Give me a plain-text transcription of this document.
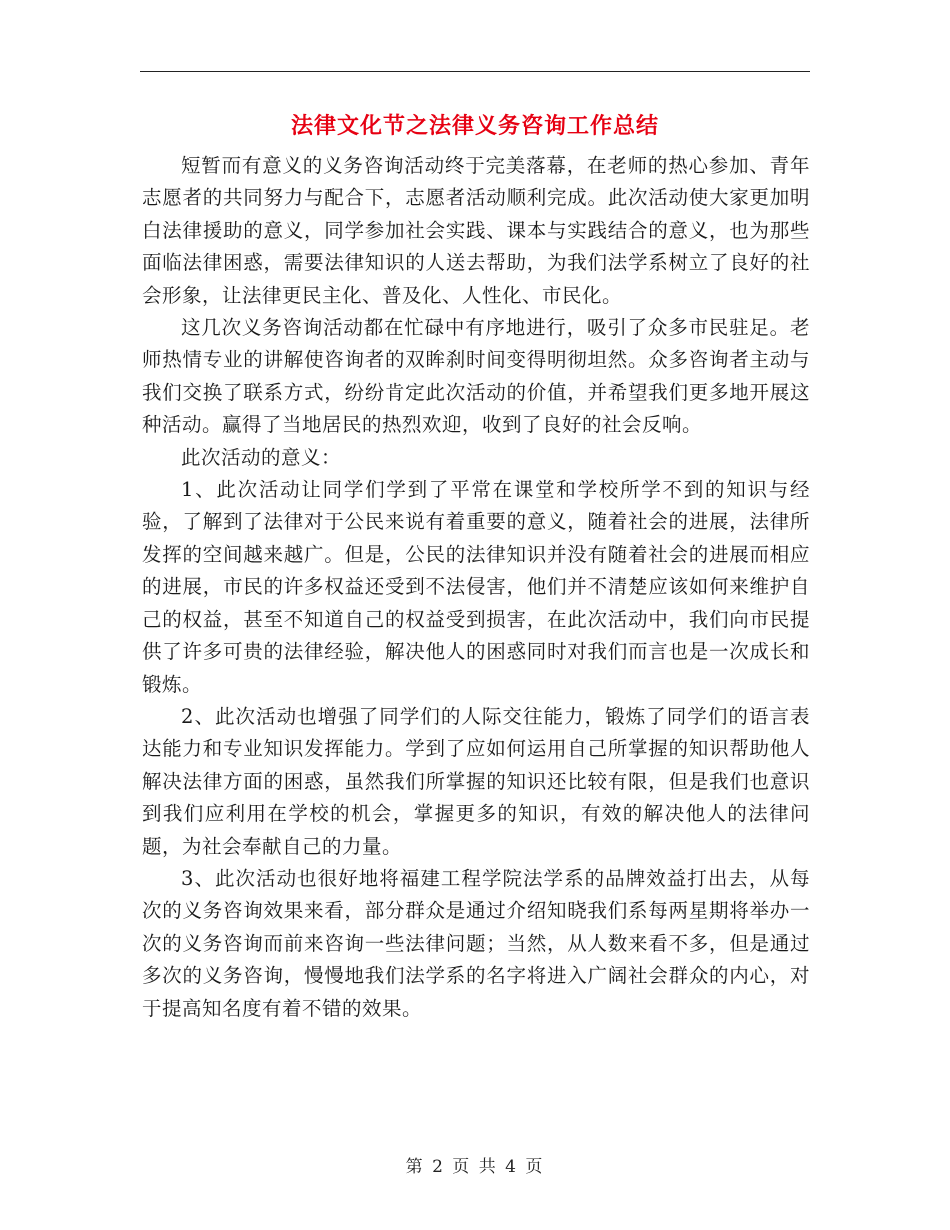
法律文化节之法律义务咨询工作总结

短暂而有意义的义务咨询活动终于完美落幕，在老师的热心参加、青年志愿者的共同努力与配合下，志愿者活动顺利完成。此次活动使大家更加明白法律援助的意义，同学参加社会实践、课本与实践结合的意义，也为那些面临法律困惑，需要法律知识的人送去帮助，为我们法学系树立了良好的社会形象，让法律更民主化、普及化、人性化、市民化。

这几次义务咨询活动都在忙碌中有序地进行，吸引了众多市民驻足。老师热情专业的讲解使咨询者的双眸刹时间变得明彻坦然。众多咨询者主动与我们交换了联系方式，纷纷肯定此次活动的价值，并希望我们更多地开展这种活动。赢得了当地居民的热烈欢迎，收到了良好的社会反响。

此次活动的意义：

1、此次活动让同学们学到了平常在课堂和学校所学不到的知识与经验，了解到了法律对于公民来说有着重要的意义，随着社会的进展，法律所发挥的空间越来越广。但是，公民的法律知识并没有随着社会的进展而相应的进展，市民的许多权益还受到不法侵害，他们并不清楚应该如何来维护自己的权益，甚至不知道自己的权益受到损害，在此次活动中，我们向市民提供了许多可贵的法律经验，解决他人的困惑同时对我们而言也是一次成长和锻炼。

2、此次活动也增强了同学们的人际交往能力，锻炼了同学们的语言表达能力和专业知识发挥能力。学到了应如何运用自己所掌握的知识帮助他人解决法律方面的困惑，虽然我们所掌握的知识还比较有限，但是我们也意识到我们应利用在学校的机会，掌握更多的知识，有效的解决他人的法律问题，为社会奉献自己的力量。

3、此次活动也很好地将福建工程学院法学系的品牌效益打出去，从每次的义务咨询效果来看，部分群众是通过介绍知晓我们系每两星期将举办一次的义务咨询而前来咨询一些法律问题；当然，从人数来看不多，但是通过多次的义务咨询，慢慢地我们法学系的名字将进入广阔社会群众的内心，对于提高知名度有着不错的效果。

第 2 页 共 4 页
